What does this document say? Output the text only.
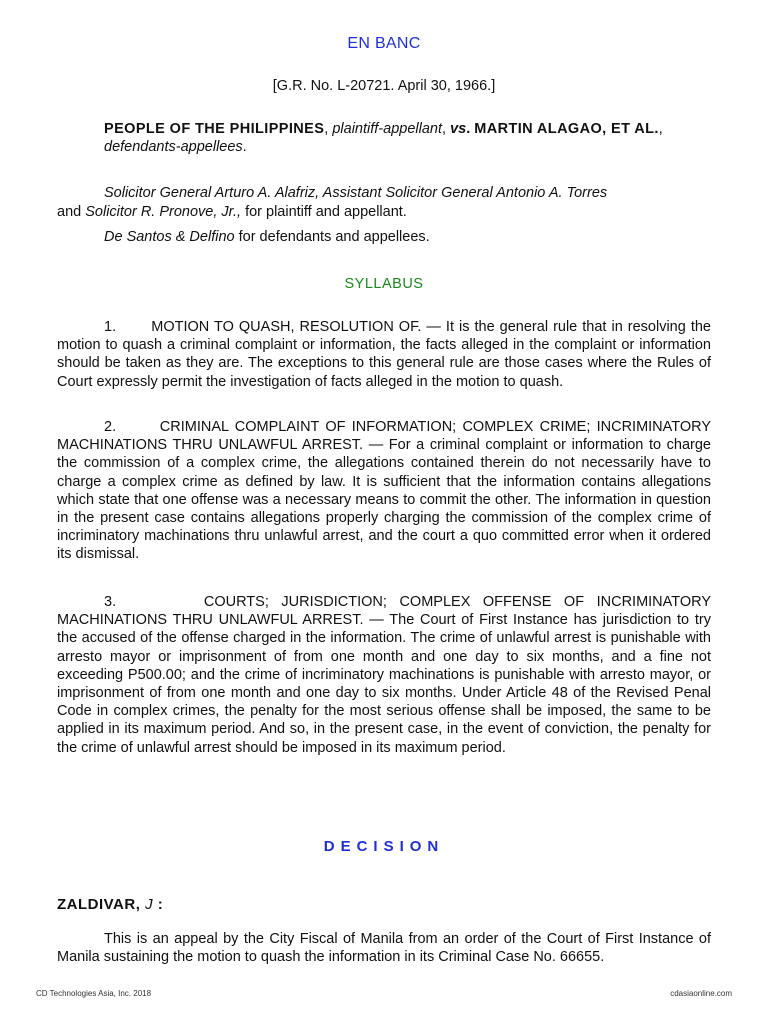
EN BANC
[G.R. No. L-20721. April 30, 1966.]
PEOPLE OF THE PHILIPPINES, plaintiff-appellant, vs. MARTIN ALAGAO, ET AL., defendants-appellees.
Solicitor General Arturo A. Alafriz, Assistant Solicitor General Antonio A. Torres
and Solicitor R. Pronove, Jr., for plaintiff and appellant.
De Santos & Delfino for defendants and appellees.
SYLLABUS

1.       MOTION TO QUASH, RESOLUTION OF. — It is the general rule that in resolving the motion to quash a criminal complaint or information, the facts alleged in the complaint or information should be taken as they are. The exceptions to this general rule are those cases where the Rules of Court expressly permit the investigation of facts alleged in the motion to quash.

2.       CRIMINAL COMPLAINT OF INFORMATION; COMPLEX CRIME; INCRIMINATORY MACHINATIONS THRU UNLAWFUL ARREST. — For a criminal complaint or information to charge the commission of a complex crime, the allegations contained therein do not necessarily have to charge a complex crime as defined by law. It is sufficient that the information contains allegations which state that one offense was a necessary means to commit the other. The information in question in the present case contains allegations properly charging the commission of the complex crime of incriminatory machinations thru unlawful arrest, and the court a quo committed error when it ordered its dismissal.

3.       COURTS; JURISDICTION; COMPLEX OFFENSE OF INCRIMINATORY MACHINATIONS THRU UNLAWFUL ARREST. — The Court of First Instance has jurisdiction to try the accused of the offense charged in the information. The crime of unlawful arrest is punishable with arresto mayor or imprisonment of from one month and one day to six months, and a fine not exceeding P500.00; and the crime of incriminatory machinations is punishable with arresto mayor, or imprisonment of from one month and one day to six months. Under Article 48 of the Revised Penal Code in complex crimes, the penalty for the most serious offense shall be imposed, the same to be applied in its maximum period. And so, in the present case, in the event of conviction, the penalty for the crime of unlawful arrest should be imposed in its maximum period.

DECISION
ZALDIVAR, J :

This is an appeal by the City Fiscal of Manila from an order of the Court of First Instance of Manila sustaining the motion to quash the information in its Criminal Case No. 66655.

CD Technologies Asia, Inc. 2018	cdasiaonline.com
